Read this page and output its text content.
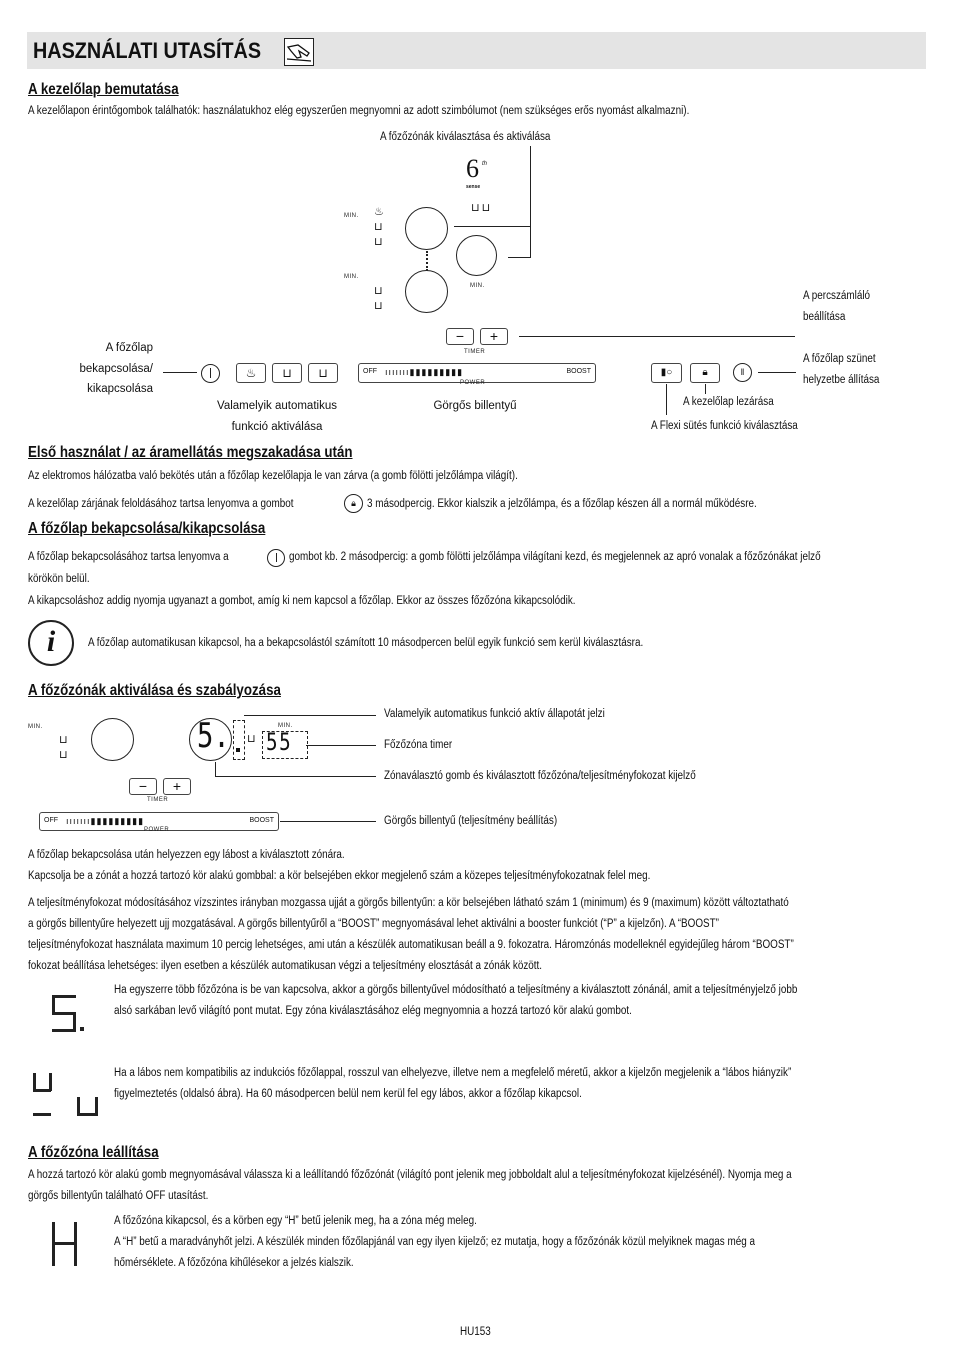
HASZNÁLATI UTASÍTÁS
A kezelőlap bemutatása
A kezelőlapon érintőgombok találhatók: használatukhoz elég egyszerűen megnyomni az adott szimbólumot (nem szükséges erős nyomást alkalmazni).
A főzőzónák kiválasztása és aktiválása
6 th
sense
⊔⊔
MIN. ♨
⊔
⊔
MIN.
⊔
⊔
MIN.
A percszámláló
beállítása
−	+
TIMER
A főzőlap
bekapcsolása/
kikapcsolása
♨	⊔	⊔
Valamelyik automatikus
funkció aktiválása
OFF ııııııı▮▮▮▮▮▮▮▮▮	BOOST
POWER
Görgős billentyű
▮○	🔒︎	‖
A főzőlap szünet
helyzetbe állítása
A kezelőlap lezárása
A Flexi sütés funkció kiválasztása
Első használat / az áramellátás megszakadása után
Az elektromos hálózatba való bekötés után a főzőlap kezelőlapja le van zárva (a gomb fölötti jelzőlámpa világít).
A kezelőlap zárjának feloldásához tartsa lenyomva a gombot	🔒︎ 3 másodpercig. Ekkor kialszik a jelzőlámpa, és a főzőlap készen áll a normál működésre.
A főzőlap bekapcsolása/kikapcsolása
A főzőlap bekapcsolásához tartsa lenyomva a	gombot kb. 2 másodpercig: a gomb fölötti jelzőlámpa világítani kezd, és megjelennek az apró vonalak a főzőzónákat jelző
körökön belül.
A kikapcsoláshoz addig nyomja ugyanazt a gombot, amíg ki nem kapcsol a főzőlap. Ekkor az összes főzőzóna kikapcsolódik.
i	A főzőlap automatikusan kikapcsol, ha a bekapcsolástól számított 10 másodpercen belül egyik funkció sem kerül kiválasztásra.
A főzőzónák aktiválása és szabályozása
MIN.
⊔
⊔	5. ⊔
MIN.
55
Valamelyik automatikus funkció aktív állapotát jelzi
Főzőzóna timer
Zónaválasztó gomb és kiválasztott főzőzóna/teljesítményfokozat kijelző
Görgős billentyű (teljesítmény beállítás)
−	+
TIMER
OFF ııııııı▮▮▮▮▮▮▮▮▮	BOOST
POWER
A főzőlap bekapcsolása után helyezzen egy lábost a kiválasztott zónára.
Kapcsolja be a zónát a hozzá tartozó kör alakú gombbal: a kör belsejében ekkor megjelenő szám a közepes teljesítményfokozatnak felel meg.
A teljesítményfokozat módosításához vízszintes irányban mozgassa ujját a görgős billentyűn: a kör belsejében látható szám 1 (minimum) és 9 (maximum) között változtatható
a görgős billentyűre helyezett ujj mozgatásával. A görgős billentyűről a “BOOST” megnyomásával lehet aktiválni a booster funkciót (“P” a kijelzőn). A “BOOST”
teljesítményfokozat használata maximum 10 percig lehetséges, ami után a készülék automatikusan beáll a 9. fokozatra. Háromzónás modelleknél egyidejűleg három “BOOST”
fokozat beállítása lehetséges: ilyen esetben a készülék automatikusan végzi a teljesítmény elosztását a zónák között.
Ha egyszerre több főzőzóna is be van kapcsolva, akkor a görgős billentyűvel módosítható a teljesítmény a kiválasztott zónánál, amit a teljesítményjelző jobb
alsó sarkában levő világító pont mutat. Egy zóna kiválasztásához elég megnyomnia a hozzá tartozó kör alakú gombot.
Ha a lábos nem kompatibilis az indukciós főzőlappal, rosszul van elhelyezve, illetve nem a megfelelő méretű, akkor a kijelzőn megjelenik a “lábos hiányzik”
figyelmeztetés (oldalsó ábra). Ha 60 másodpercen belül nem kerül fel egy lábos, akkor a főzőlap kikapcsol.
A főzőzóna leállítása
A hozzá tartozó kör alakú gomb megnyomásával válassza ki a leállítandó főzőzónát (világító pont jelenik meg jobboldalt alul a teljesítményfokozat kijelzésénél). Nyomja meg a
görgős billentyűn található OFF utasítást.
A főzőzóna kikapcsol, és a körben egy “H” betű jelenik meg, ha a zóna még meleg.
A “H” betű a maradványhőt jelzi. A készülék minden főzőlapjánál van egy ilyen kijelző; ez mutatja, hogy a főzőzónák közül melyiknek magas még a
hőmérséklete. A főzőzóna kihűlésekor a jelzés kialszik.
HU153
